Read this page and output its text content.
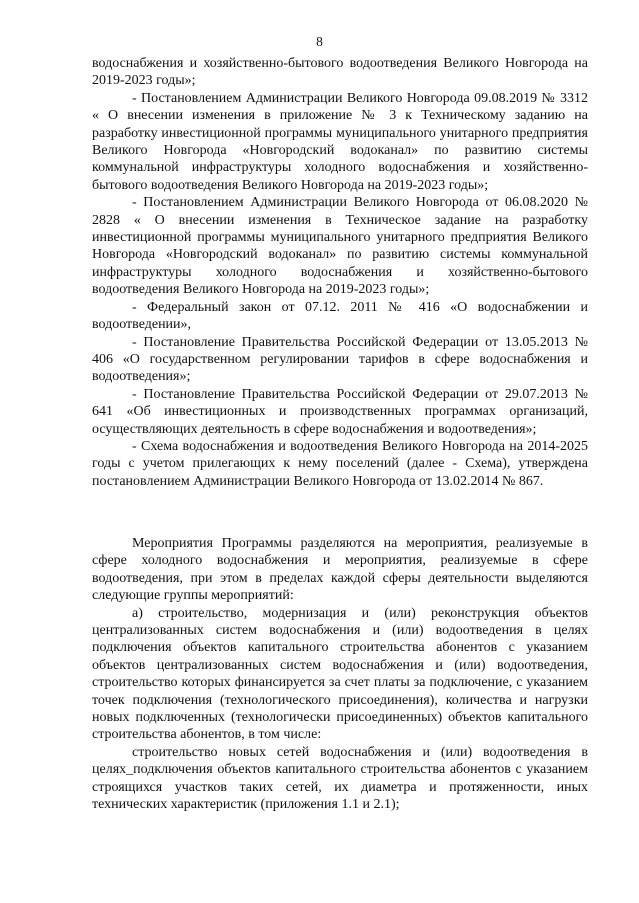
8

водоснабжения и хозяйственно-бытового водоотведения Великого Новгорода на 2019-2023 годы»;

- Постановлением Администрации Великого Новгорода 09.08.2019 № 3312 « О внесении изменения в приложение № 3 к Техническому заданию на разработку инвестиционной программы муниципального унитарного предприятия Великого Новгорода «Новгородский водоканал» по развитию системы коммунальной инфраструктуры холодного водоснабжения и хозяйственно-бытового водоотведения Великого Новгорода на 2019-2023 годы»;

- Постановлением Администрации Великого Новгорода от 06.08.2020 № 2828 « О внесении изменения в Техническое задание на разработку инвестиционной программы муниципального унитарного предприятия Великого Новгорода «Новгородский водоканал» по развитию системы коммунальной инфраструктуры холодного водоснабжения и хозяйственно-бытового водоотведения Великого Новгорода на 2019-2023 годы»;

- Федеральный закон от 07.12. 2011 № 416 «О водоснабжении и водоотведении»,

- Постановление Правительства Российской Федерации от 13.05.2013 № 406 «О государственном регулировании тарифов в сфере водоснабжения и водоотведения»;

- Постановление Правительства Российской Федерации от 29.07.2013 № 641 «Об инвестиционных и производственных программах организаций, осуществляющих деятельность в сфере водоснабжения и водоотведения»;

- Схема водоснабжения и водоотведения Великого Новгорода на 2014-2025 годы с учетом прилегающих к нему поселений (далее - Схема), утверждена постановлением Администрации Великого Новгорода от 13.02.2014 № 867.

Мероприятия Программы разделяются на мероприятия, реализуемые в сфере холодного водоснабжения и мероприятия, реализуемые в сфере водоотведения, при этом в пределах каждой сферы деятельности выделяются следующие группы мероприятий:

а) строительство, модернизация и (или) реконструкция объектов централизованных систем водоснабжения и (или) водоотведения в целях подключения объектов капитального строительства абонентов с указанием объектов централизованных систем водоснабжения и (или) водоотведения, строительство которых финансируется за счет платы за подключение, с указанием точек подключения (технологического присоединения), количества и нагрузки новых подключенных (технологически присоединенных) объектов капитального строительства абонентов, в том числе:

строительство новых сетей водоснабжения и (или) водоотведения в целях_подключения объектов капитального строительства абонентов с указанием строящихся участков таких сетей, их диаметра и протяженности, иных технических характеристик (приложения 1.1 и 2.1);
